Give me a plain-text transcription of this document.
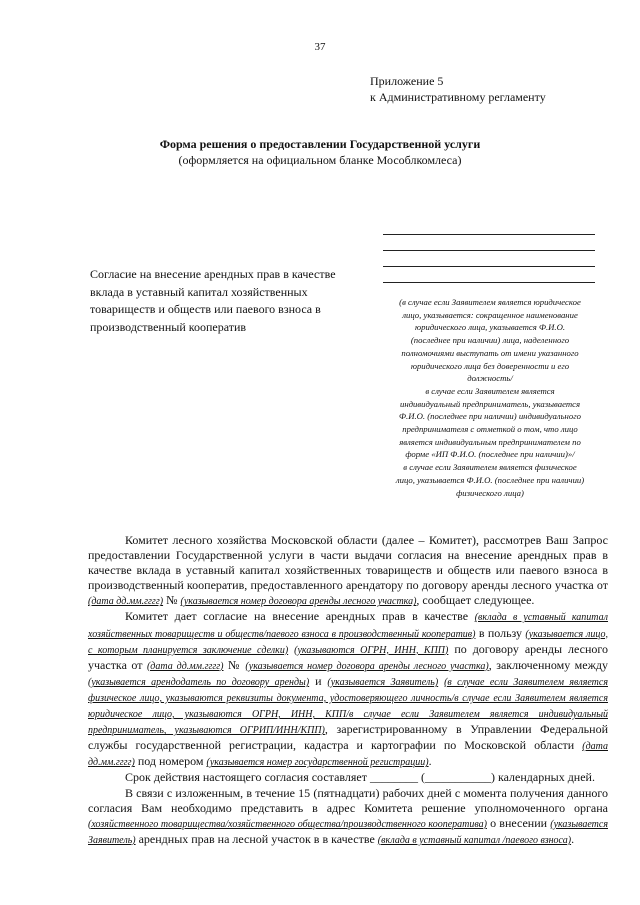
37
Приложение 5
к Административному регламенту
Форма решения о предоставлении Государственной услуги
(оформляется на официальном бланке Мособлкомлеса)
Согласие на внесение арендных прав в качестве вклада в уставный капитал хозяйственных товариществ и обществ или паевого взноса в производственный кооператив
(в случае если Заявителем является юридическое
лицо, указывается: сокращенное наименование
юридического лица, указывается Ф.И.О.
(последнее при наличии) лица, наделенного
полномочиями выступать от имени указанного
юридического лица без доверенности и его
должность/
в случае если Заявителем является
индивидуальный предприниматель, указывается
Ф.И.О. (последнее при наличии) индивидуального
предпринимателя с отметкой о том, что лицо
является индивидуальным предпринимателем по
форме «ИП Ф.И.О. (последнее при наличии)»/
в случае если Заявителем является физическое
лицо, указывается Ф.И.О. (последнее при наличии)
физического лица)

Комитет лесного хозяйства Московской области (далее – Комитет), рассмотрев Ваш Запрос предоставлении Государственной услуги в части выдачи согласия на внесение арендных прав в качестве вклада в уставный капитал хозяйственных товариществ и обществ или паевого взноса в производственный кооператив, предоставленного арендатору по договору аренды лесного участка от (дата дд.мм.гггг) № (указывается номер договора аренды лесного участка), сообщает следующее.

Комитет дает согласие на внесение арендных прав в качестве (вклада в уставный капитал хозяйственных товариществ и обществ/паевого взноса в производственный кооператив) в пользу (указывается лицо, с которым планируется заключение сделки) (указываются ОГРН, ИНН, КПП) по договору аренды лесного участка от (дата дд.мм.гггг) № (указывается номер договора аренды лесного участка), заключенному между (указывается арендодатель по договору аренды) и (указывается Заявитель) (в случае если Заявителем является физическое лицо, указываются реквизиты документа, удостоверяющего личность/в случае если Заявителем является юридическое лицо, указываются ОГРН, ИНН, КПП/в случае если Заявителем является индивидуальный предприниматель, указываются ОГРИП/ИНН/КПП), зарегистрированному в Управлении Федеральной службы государственной регистрации, кадастра и картографии по Московской области (дата дд.мм.гггг) под номером (указывается номер государственной регистрации).

Срок действия настоящего согласия составляет ________ (___________) календарных дней.

В связи с изложенным, в течение 15 (пятнадцати) рабочих дней с момента получения данного согласия Вам необходимо представить в адрес Комитета решение уполномоченного органа (хозяйственного товарищества/хозяйственного общества/производственного кооператива) о внесении (указывается Заявитель) арендных прав на лесной участок в в качестве (вклада в уставный капитал /паевого взноса).
